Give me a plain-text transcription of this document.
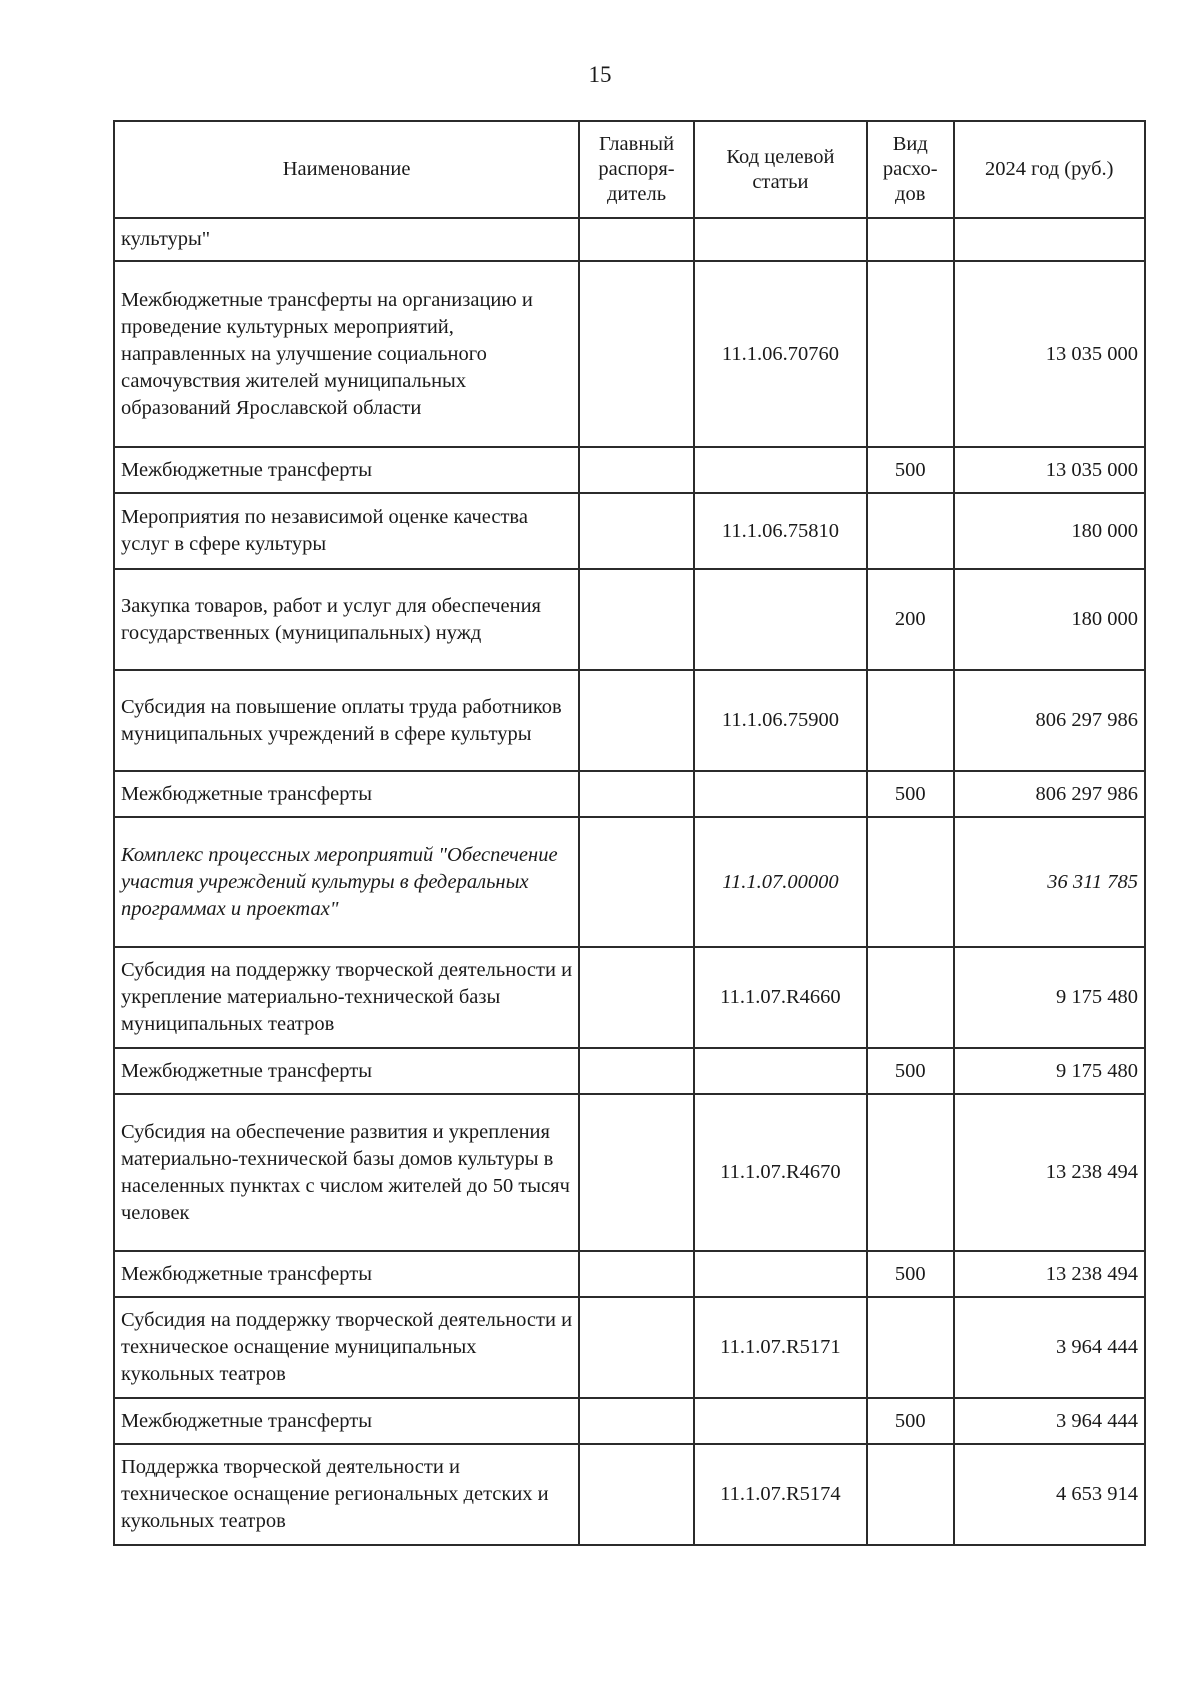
15
Наименование	Главный распоря-дитель	Код целевой статьи	Вид расхо-дов	2024 год (руб.)
культуры"				
Межбюджетные трансферты на организацию и проведение культурных мероприятий, направленных на улучшение социального самочувствия жителей муниципальных образований Ярославской области		11.1.06.70760		13 035 000
Межбюджетные трансферты			500	13 035 000
Мероприятия по независимой оценке качества услуг в сфере культуры		11.1.06.75810		180 000
Закупка товаров, работ и услуг для обеспечения государственных (муниципальных) нужд			200	180 000
Субсидия на повышение оплаты труда работников муниципальных учреждений в сфере культуры		11.1.06.75900		806 297 986
Межбюджетные трансферты			500	806 297 986
Комплекс процессных мероприятий "Обеспечение участия учреждений культуры в федеральных программах и проектах"		11.1.07.00000		36 311 785
Субсидия на поддержку творческой деятельности и укрепление материально-технической базы муниципальных театров		11.1.07.R4660		9 175 480
Межбюджетные трансферты			500	9 175 480
Субсидия на обеспечение развития и укрепления материально-технической базы домов культуры в населенных пунктах с числом жителей до 50 тысяч человек		11.1.07.R4670		13 238 494
Межбюджетные трансферты			500	13 238 494
Субсидия на поддержку творческой деятельности и техническое оснащение муниципальных кукольных театров		11.1.07.R5171		3 964 444
Межбюджетные трансферты			500	3 964 444
Поддержка творческой деятельности и техническое оснащение региональных детских и кукольных театров		11.1.07.R5174		4 653 914
